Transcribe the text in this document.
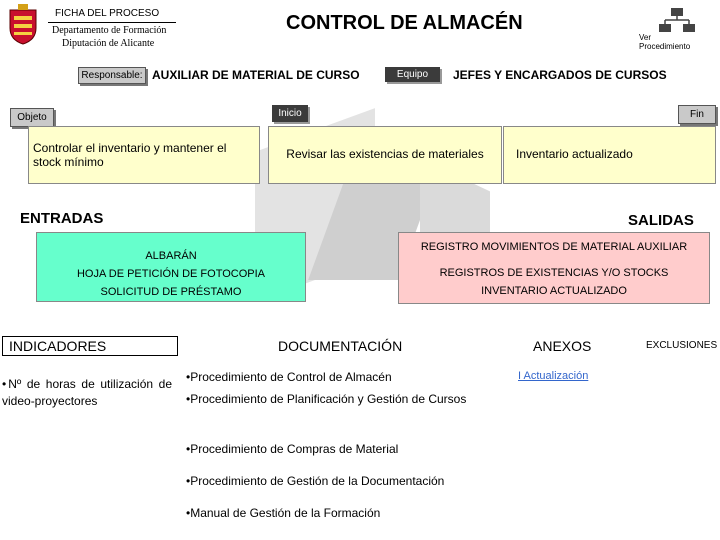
FICHA DEL PROCESO
Departamento de Formación
Diputación de Alicante
CONTROL DE ALMACÉN
Ver
Procedimiento
Responsable: AUXILIAR DE MATERIAL DE CURSO	Equipo	JEFES Y ENCARGADOS DE CURSOS
Objeto	Inicio	Fin
Controlar el inventario y mantener el stock mínimo
Revisar las existencias de materiales	Inventario actualizado
ENTRADAS	SALIDAS
ALBARÁN
HOJA DE PETICIÓN DE FOTOCOPIA
SOLICITUD DE PRÉSTAMO
REGISTRO MOVIMIENTOS DE MATERIAL AUXILIAR
REGISTROS DE EXISTENCIAS Y/O STOCKS
INVENTARIO ACTUALIZADO
INDICADORES	DOCUMENTACIÓN	ANEXOS	EXCLUSIONES
• Nº de horas de utilización de video-proyectores
•Procedimiento de Control de Almacén
•Procedimiento de Planificación y Gestión de Cursos
•Procedimiento de Compras de Material
•Procedimiento de Gestión de la Documentación
•Manual de Gestión de la Formación
I Actualización
